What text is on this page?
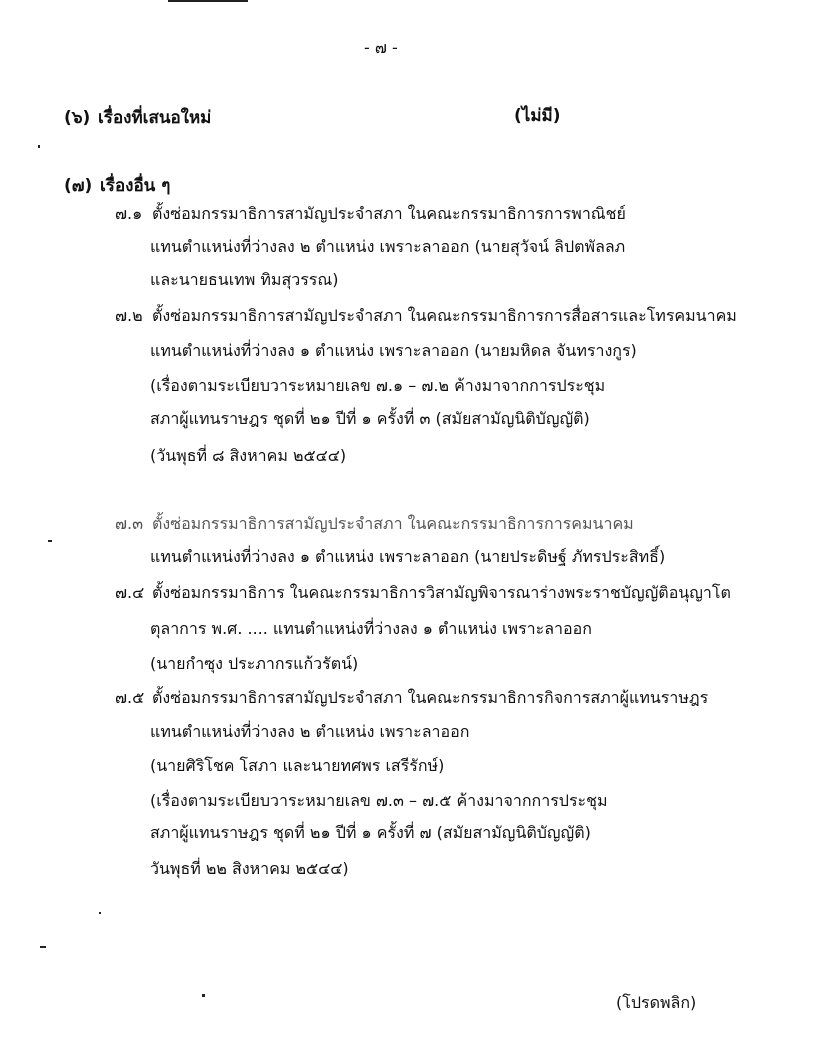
- ๗ -
(๖) เรื่องที่เสนอใหม่	(ไม่มี)
(๗) เรื่องอื่น ๆ
๗.๑ ตั้งซ่อมกรรมาธิการสามัญประจำสภา ในคณะกรรมาธิการการพาณิชย์
แทนตำแหน่งที่ว่างลง ๒ ตำแหน่ง เพราะลาออก (นายสุวัจน์ ลิปตพัลลภ
และนายธนเทพ ทิมสุวรรณ)
๗.๒ ตั้งซ่อมกรรมาธิการสามัญประจำสภา ในคณะกรรมาธิการการสื่อสารและโทรคมนาคม
แทนตำแหน่งที่ว่างลง ๑ ตำแหน่ง เพราะลาออก (นายมหิดล จันทรางกูร)
(เรื่องตามระเบียบวาระหมายเลข ๗.๑ – ๗.๒ ค้างมาจากการประชุม
สภาผู้แทนราษฎร ชุดที่ ๒๑ ปีที่ ๑ ครั้งที่ ๓ (สมัยสามัญนิติบัญญัติ)
(วันพุธที่ ๘ สิงหาคม ๒๕๔๔)
๗.๓ ตั้งซ่อมกรรมาธิการสามัญประจำสภา ในคณะกรรมาธิการการคมนาคม
แทนตำแหน่งที่ว่างลง ๑ ตำแหน่ง เพราะลาออก (นายประดิษฐ์ ภัทรประสิทธิ์)
๗.๔ ตั้งซ่อมกรรมาธิการ ในคณะกรรมาธิการวิสามัญพิจารณาร่างพระราชบัญญัติอนุญาโต
ตุลาการ พ.ศ. .... แทนตำแหน่งที่ว่างลง ๑ ตำแหน่ง เพราะลาออก
(นายกำซุง ประภากรแก้วรัตน์)
๗.๕ ตั้งซ่อมกรรมาธิการสามัญประจำสภา ในคณะกรรมาธิการกิจการสภาผู้แทนราษฎร
แทนตำแหน่งที่ว่างลง ๒ ตำแหน่ง เพราะลาออก
(นายศิริโชค โสภา และนายทศพร เสรีรักษ์)
(เรื่องตามระเบียบวาระหมายเลข ๗.๓ – ๗.๕ ค้างมาจากการประชุม
สภาผู้แทนราษฎร ชุดที่ ๒๑ ปีที่ ๑ ครั้งที่ ๗ (สมัยสามัญนิติบัญญัติ)
วันพุธที่ ๒๒ สิงหาคม ๒๕๔๔)
(โปรดพลิก)
